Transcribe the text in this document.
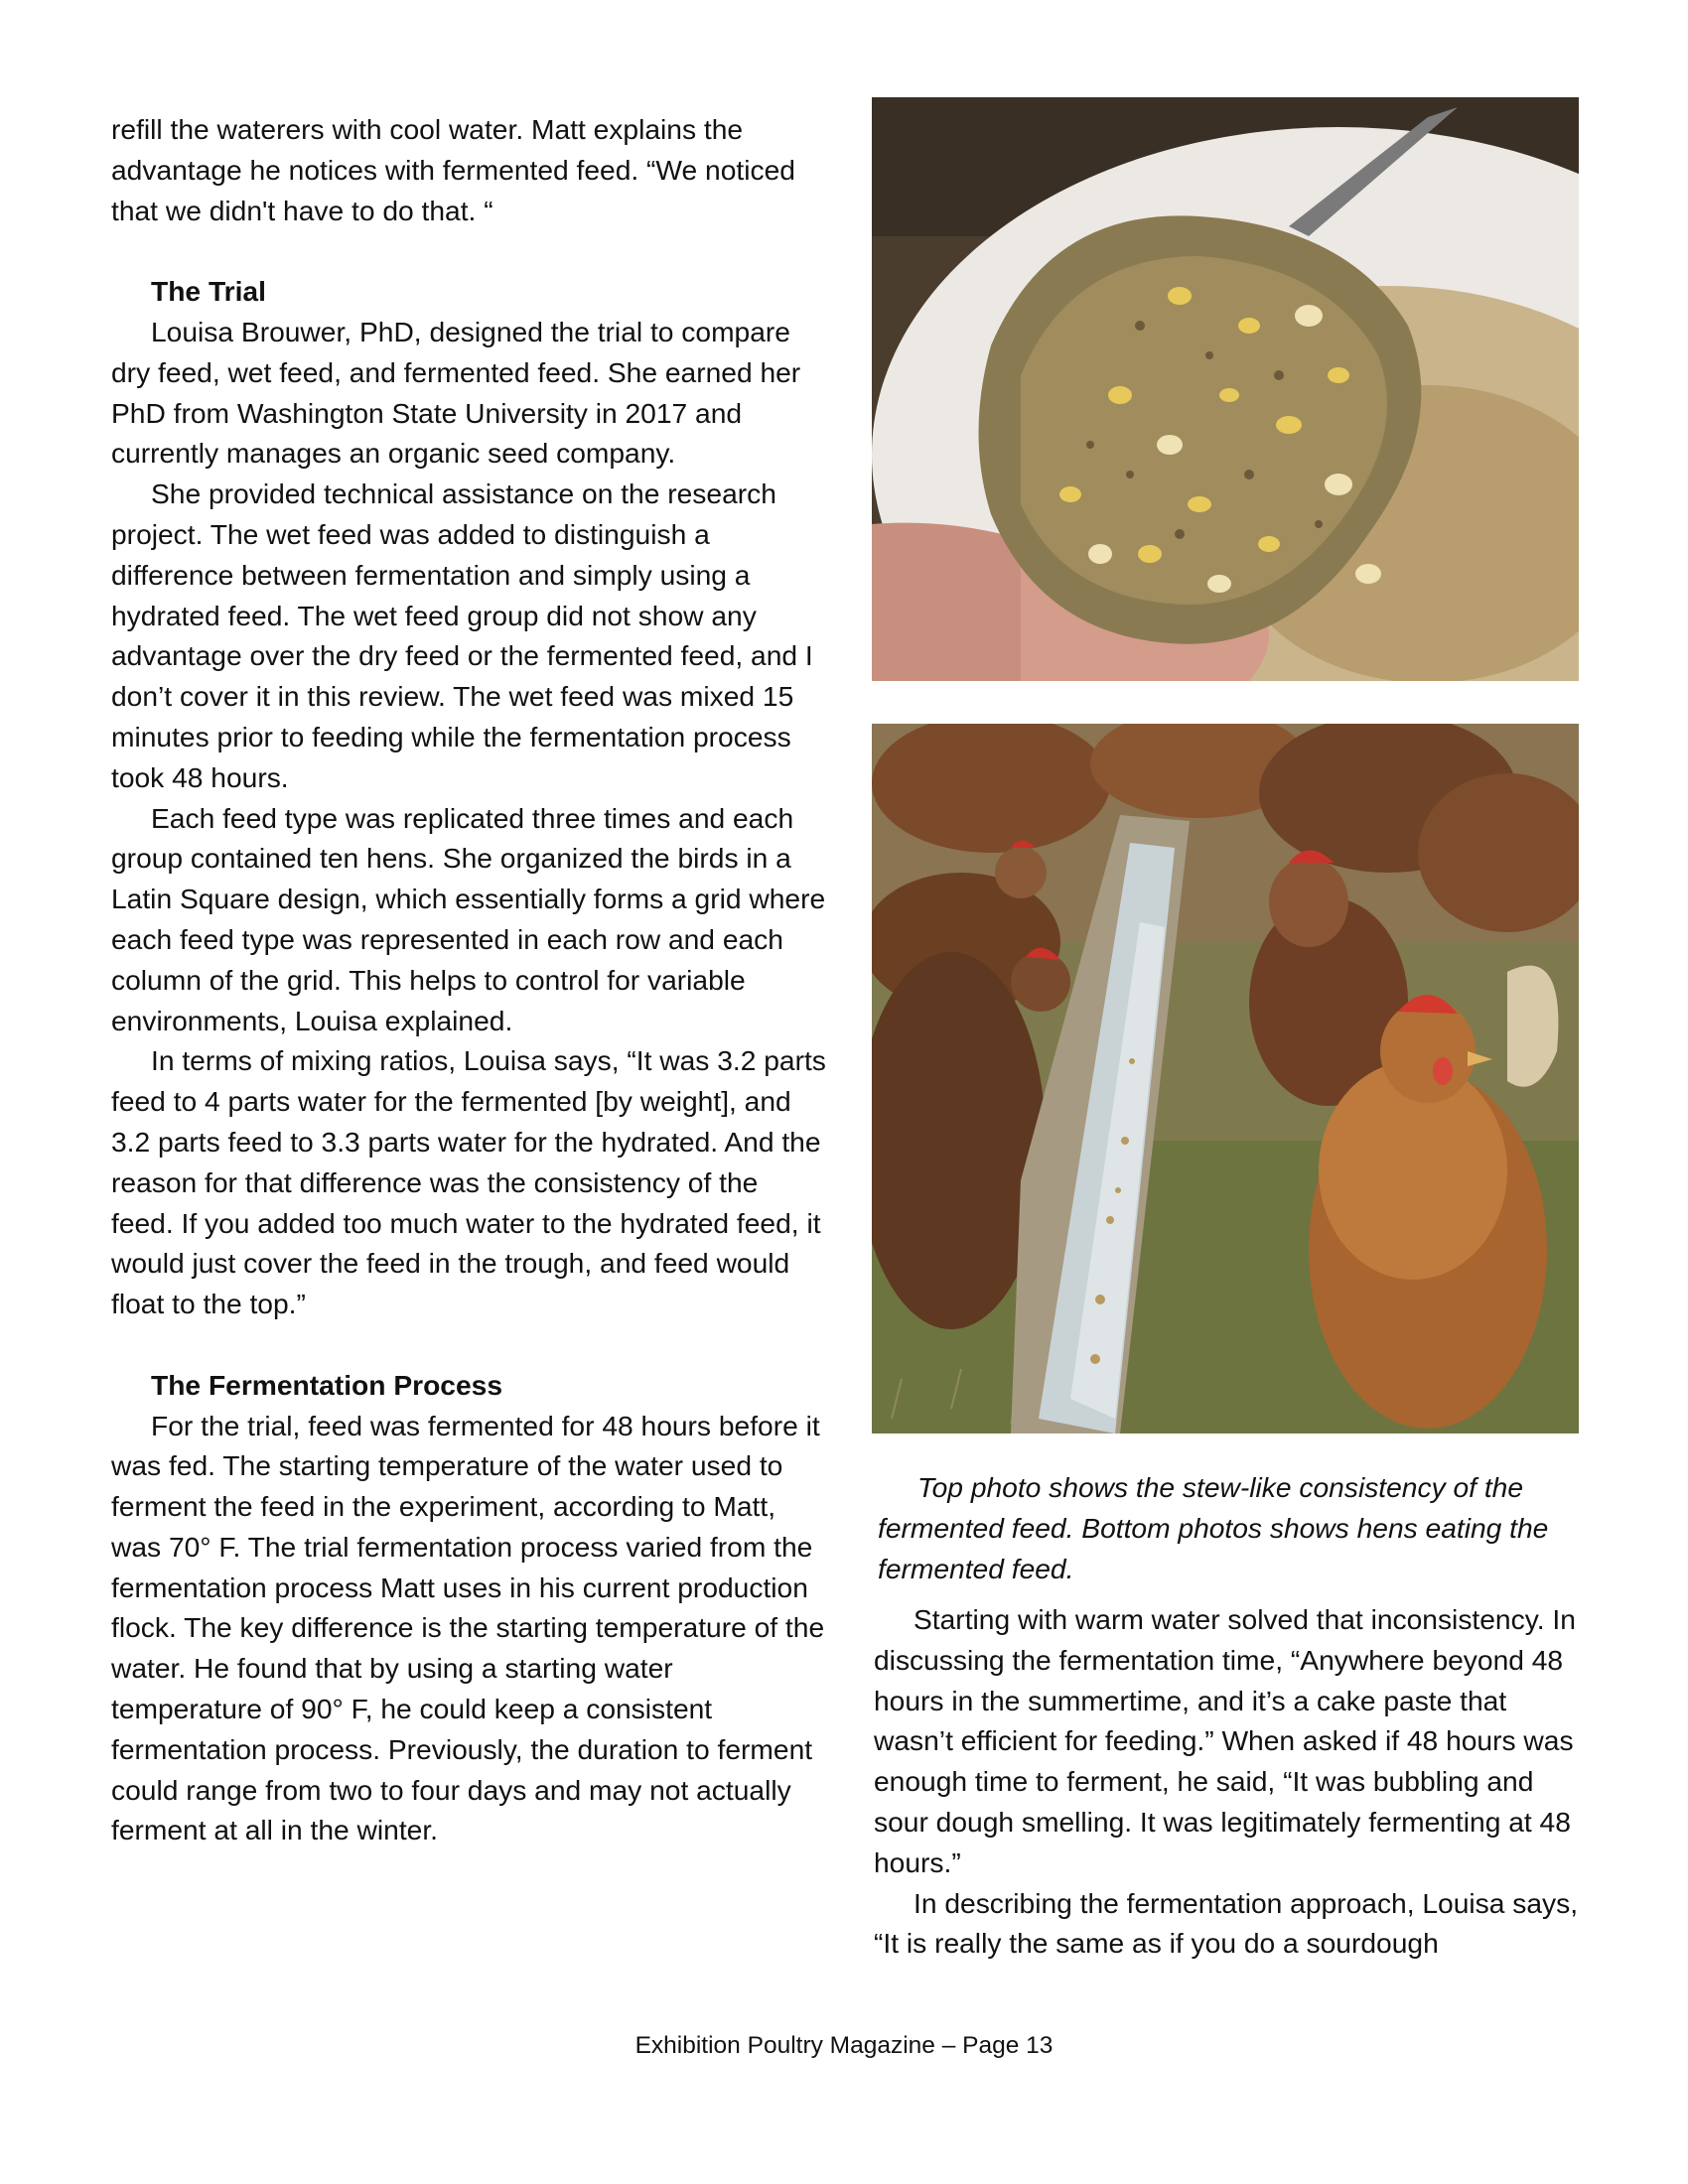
refill the waterers with cool water. Matt explains the advantage he notices with fermented feed. “We noticed that we didn't have to do that. “

The Trial

Louisa Brouwer, PhD, designed the trial to compare dry feed, wet feed, and fermented feed. She earned her PhD from Washington State University in 2017 and currently manages an organic seed company.

She provided technical assistance on the research project. The wet feed was added to distinguish a difference between fermentation and simply using a hydrated feed. The wet feed group did not show any advantage over the dry feed or the fermented feed, and I don’t cover it in this review. The wet feed was mixed 15 minutes prior to feeding while the fermentation process took 48 hours.

Each feed type was replicated three times and each group contained ten hens. She organized the birds in a Latin Square design, which essentially forms a grid where each feed type was represented in each row and each column of the grid. This helps to control for variable environments, Louisa explained.

In terms of mixing ratios, Louisa says, “It was 3.2 parts feed to 4 parts water for the fermented [by weight], and 3.2 parts feed to 3.3 parts water for the hydrated. And the reason for that difference was the consistency of the feed. If you added too much water to the hydrated feed, it would just cover the feed in the trough, and feed would float to the top.”

The Fermentation Process

For the trial, feed was fermented for 48 hours before it was fed. The starting temperature of the water used to ferment the feed in the experiment, according to Matt, was 70° F. The trial fermentation process varied from the fermentation process Matt uses in his current production flock. The key difference is the starting temperature of the water. He found that by using a starting water temperature of 90° F, he could keep a consistent fermentation process. Previously, the duration to ferment could range from two to four days and may not actually ferment at all in the winter.

Top photo shows the stew-like consistency of the fermented feed. Bottom photos shows hens eating the fermented feed.

Starting with warm water solved that inconsistency. In discussing the fermentation time, “Anywhere beyond 48 hours in the summertime, and it’s a cake paste that wasn’t efficient for feeding.” When asked if 48 hours was enough time to ferment, he said, “It was bubbling and sour dough smelling. It was legitimately fermenting at 48 hours.”

In describing the fermentation approach, Louisa says, “It is really the same as if you do a sourdough

Exhibition Poultry Magazine – Page 13
